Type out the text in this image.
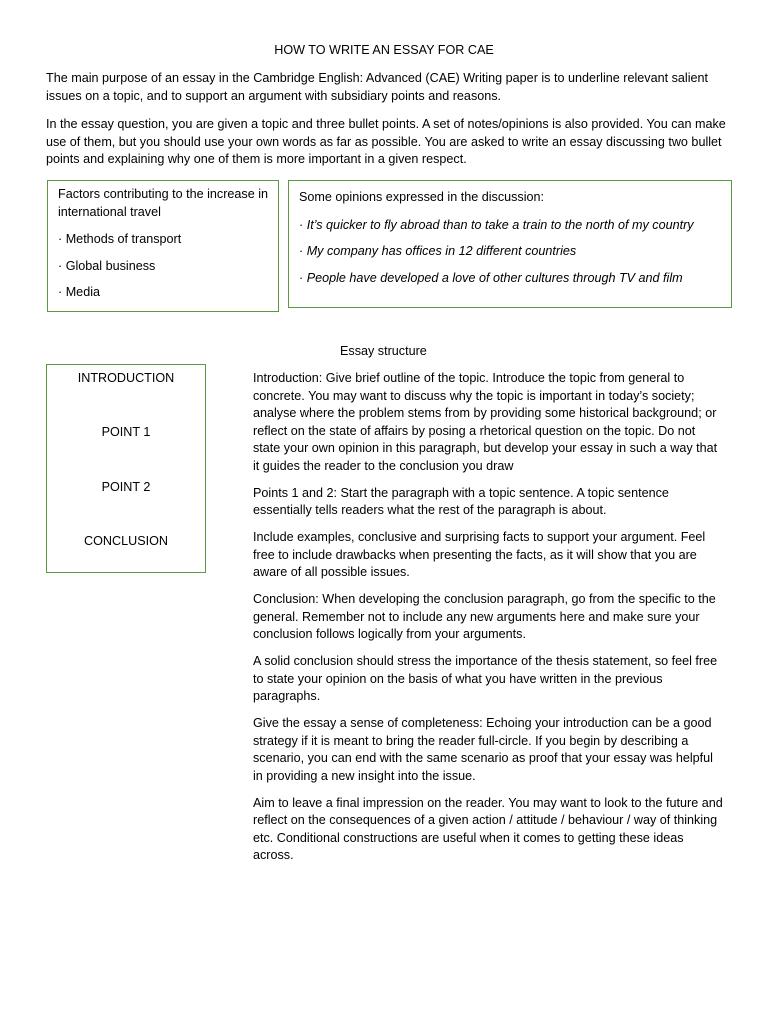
HOW TO WRITE AN ESSAY FOR CAE

The main purpose of an essay in the Cambridge English: Advanced (CAE) Writing paper is to underline relevant salient issues on a topic, and to support an argument with subsidiary points and reasons.

In the essay question, you are given a topic and three bullet points. A set of notes/opinions is also provided. You can make use of them, but you should use your own words as far as possible. You are asked to write an essay discussing two bullet points and explaining why one of them is more important in a given respect.

Factors contributing to the increase in international travel
· Methods of transport
· Global business
· Media
Some opinions expressed in the discussion:
· It’s quicker to fly abroad than to take a train to the north of my country
· My company has offices in 12 different countries
· People have developed a love of other cultures through TV and film
Essay structure
INTRODUCTION
POINT 1
POINT 2
CONCLUSION

Introduction: Give brief outline of the topic. Introduce the topic from general to concrete. You may want to discuss why the topic is important in today’s society; analyse where the problem stems from by providing some historical background; or reflect on the state of affairs by posing a rhetorical question on the topic. Do not state your own opinion in this paragraph, but develop your essay in such a way that it guides the reader to the conclusion you draw

Points 1 and 2: Start the paragraph with a topic sentence. A topic sentence essentially tells readers what the rest of the paragraph is about.

Include examples, conclusive and surprising facts to support your argument. Feel free to include drawbacks when presenting the facts, as it will show that you are aware of all possible issues.

Conclusion: When developing the conclusion paragraph, go from the specific to the general. Remember not to include any new arguments here and make sure your conclusion follows logically from your arguments.

A solid conclusion should stress the importance of the thesis statement, so feel free to state your opinion on the basis of what you have written in the previous paragraphs.

Give the essay a sense of completeness: Echoing your introduction can be a good strategy if it is meant to bring the reader full-circle. If you begin by describing a scenario, you can end with the same scenario as proof that your essay was helpful in providing a new insight into the issue.

Aim to leave a final impression on the reader. You may want to look to the future and reflect on the consequences of a given action / attitude / behaviour / way of thinking etc. Conditional constructions are useful when it comes to getting these ideas across.
